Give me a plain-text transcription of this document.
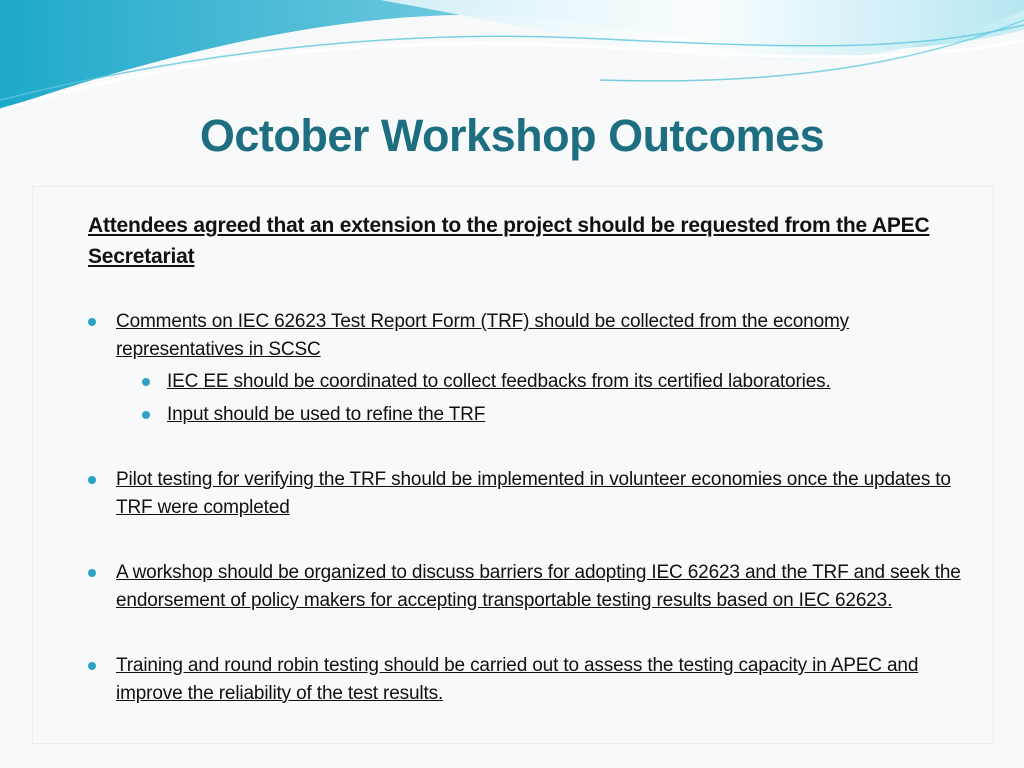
October Workshop Outcomes

Attendees agreed that an extension to the project should be requested from the APEC Secretariat

Comments on IEC 62623 Test Report Form (TRF) should be collected from the economy representatives in SCSC
IEC EE should be coordinated to collect feedbacks from its certified laboratories.
Input should be used to refine the TRF
Pilot testing for verifying the TRF should be implemented in volunteer economies once the updates to TRF were completed
A workshop should be organized to discuss barriers for adopting IEC 62623 and the TRF and seek the endorsement of policy makers for accepting transportable testing results based on IEC 62623.
Training and round robin testing should be carried out to assess the testing capacity in APEC and improve the reliability of the test results.
